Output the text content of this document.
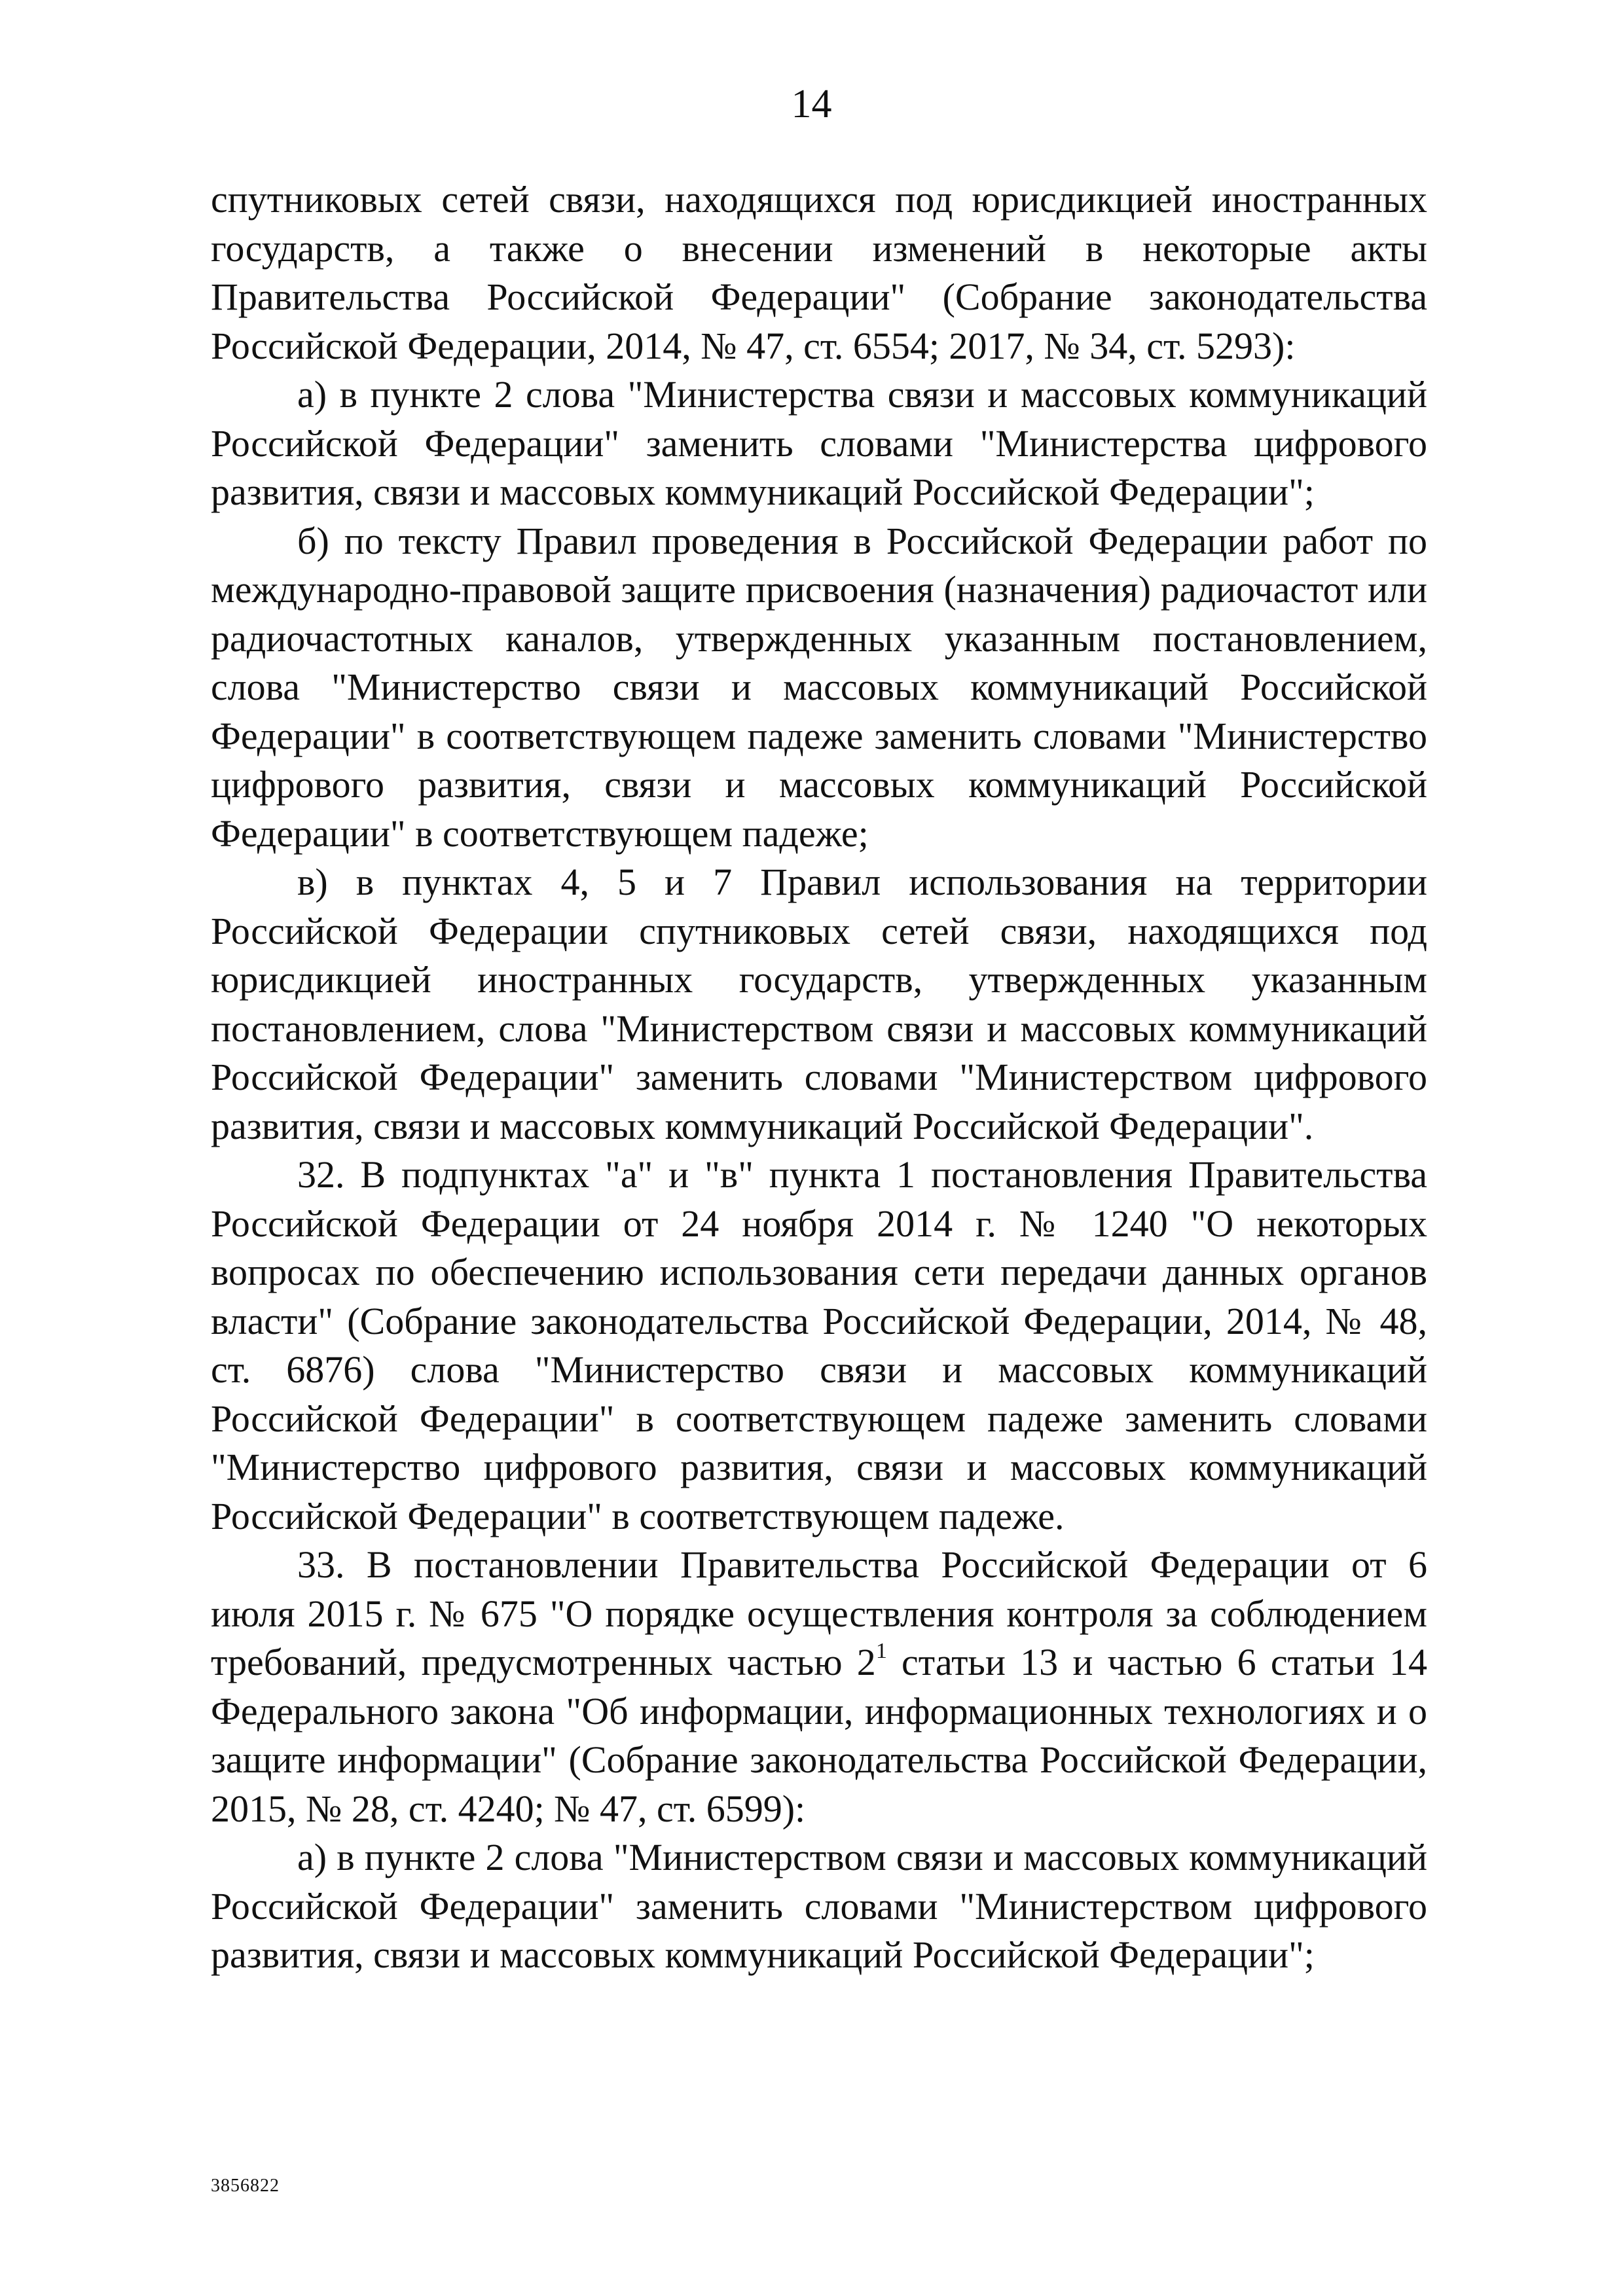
14

спутниковых сетей связи, находящихся под юрисдикцией иностранных государств, а также о внесении изменений в некоторые акты Правительства Российской Федерации" (Собрание законодательства Российской Федерации, 2014, № 47, ст. 6554; 2017, № 34, ст. 5293):

а) в пункте 2 слова "Министерства связи и массовых коммуникаций Российской Федерации" заменить словами "Министерства цифрового развития, связи и массовых коммуникаций Российской Федерации";

б) по тексту Правил проведения в Российской Федерации работ по международно-правовой защите присвоения (назначения) радиочастот или радиочастотных каналов, утвержденных указанным постановлением, слова "Министерство связи и массовых коммуникаций Российской Федерации" в соответствующем падеже заменить словами "Министерство цифрового развития, связи и массовых коммуникаций Российской Федерации" в соответствующем падеже;

в) в пунктах 4, 5 и 7 Правил использования на территории Российской Федерации спутниковых сетей связи, находящихся под юрисдикцией иностранных государств, утвержденных указанным постановлением, слова "Министерством связи и массовых коммуникаций Российской Федерации" заменить словами "Министерством цифрового развития, связи и массовых коммуникаций Российской Федерации".

32. В подпунктах "а" и "в" пункта 1 постановления Правительства Российской Федерации от 24 ноября 2014 г. № 1240 "О некоторых вопросах по обеспечению использования сети передачи данных органов власти" (Собрание законодательства Российской Федерации, 2014, № 48, ст. 6876) слова "Министерство связи и массовых коммуникаций Российской Федерации" в соответствующем падеже заменить словами "Министерство цифрового развития, связи и массовых коммуникаций Российской Федерации" в соответствующем падеже.

33. В постановлении Правительства Российской Федерации от 6 июля 2015 г. № 675 "О порядке осуществления контроля за соблюдением требований, предусмотренных частью $2^1$ статьи 13 и частью 6 статьи 14 Федерального закона "Об информации, информационных технологиях и о защите информации" (Собрание законодательства Российской Федерации, 2015, № 28, ст. 4240; № 47, ст. 6599):

а) в пункте 2 слова "Министерством связи и массовых коммуникаций Российской Федерации" заменить словами "Министерством цифрового развития, связи и массовых коммуникаций Российской Федерации";

3856822
